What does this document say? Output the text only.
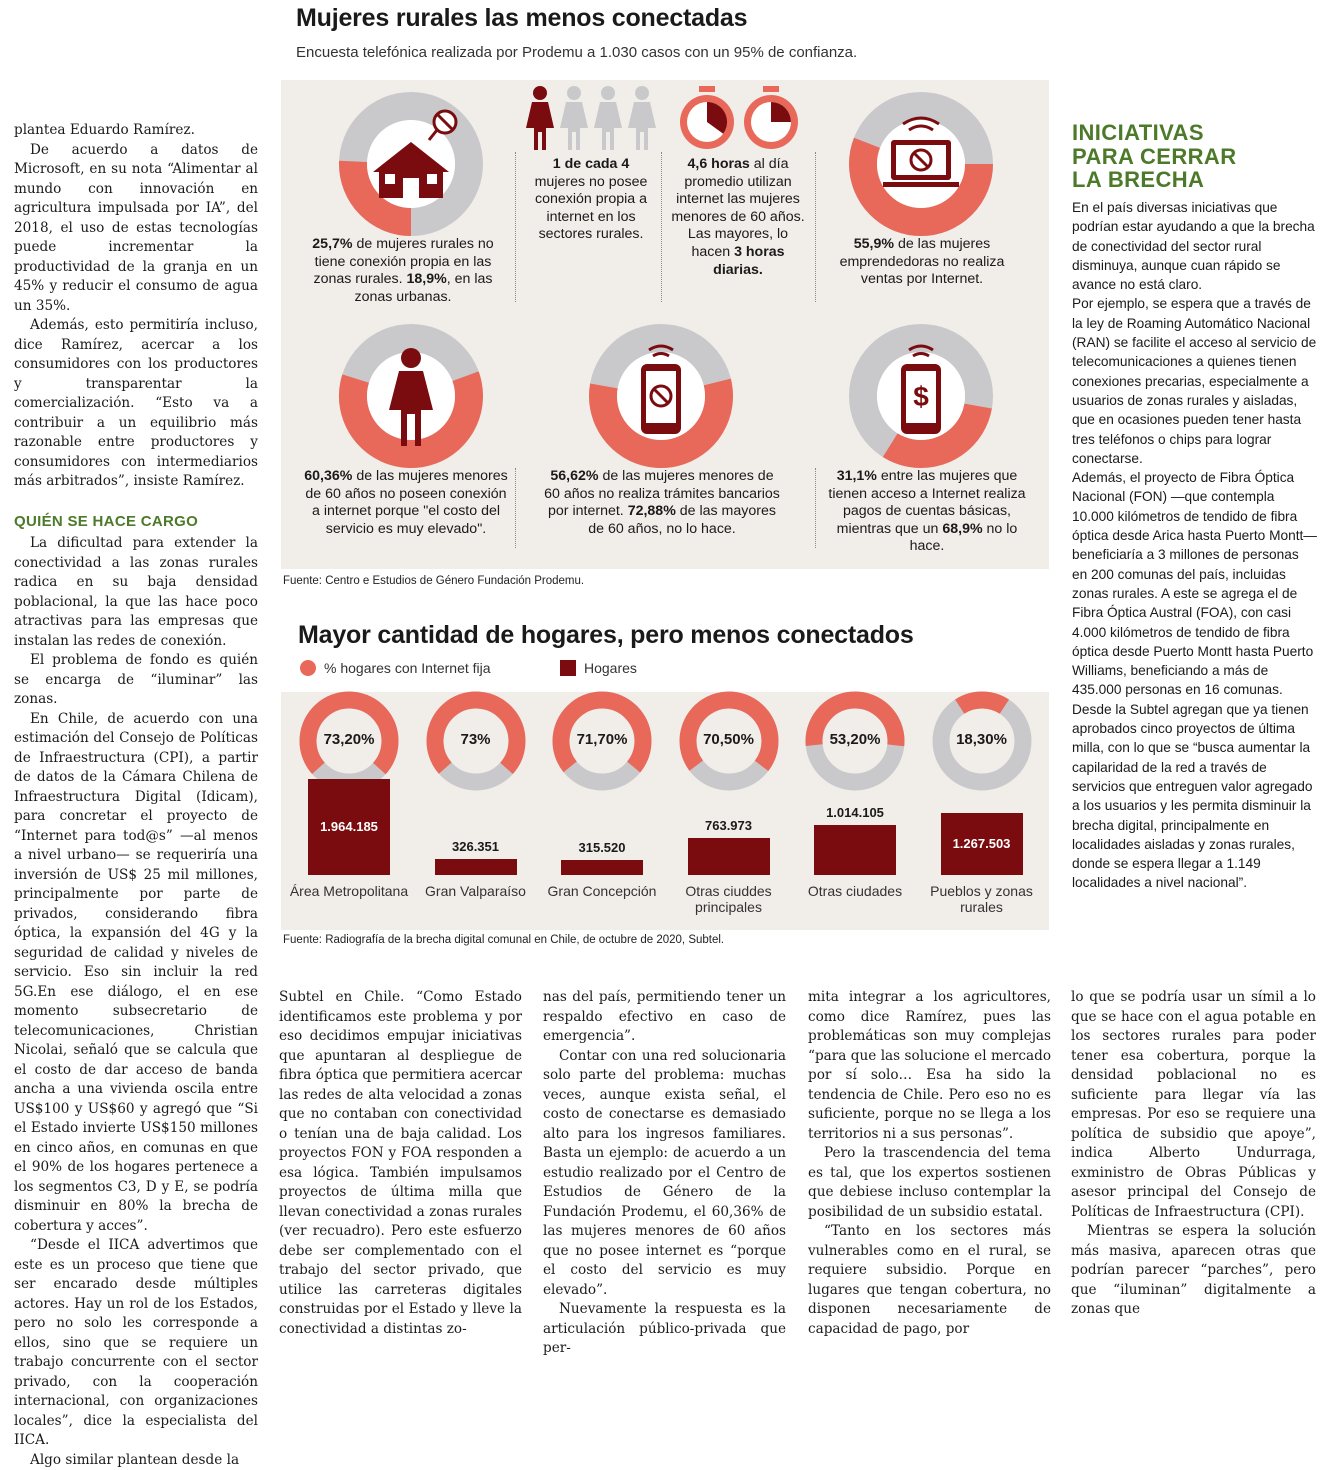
plantea Eduardo Ramírez.

De acuerdo a datos de Microsoft, en su nota “Alimentar al mundo con innovación en agricultura impulsada por IA”, del 2018, el uso de estas tecnologías puede incrementar la productividad de la granja en un 45% y reducir el consumo de agua un 35%.

Además, esto permitiría incluso, dice Ramírez, acercar a los consumidores con los productores y transparentar la comercialización. “Esto va a contribuir a un equilibrio más razonable entre productores y consumidores con intermediarios más arbitrados”, insiste Ramírez.

QUIÉN SE HACE CARGO

La dificultad para extender la conectividad a las zonas rurales radica en su baja densidad poblacional, la que las hace poco atractivas para las empresas que instalan las redes de conexión.

El problema de fondo es quién se encarga de “iluminar” las zonas.

En Chile, de acuerdo con una estimación del Consejo de Políticas de Infraestructura (CPI), a partir de datos de la Cámara Chilena de Infraestructura Digital (Idicam), para concretar el proyecto de “Internet para tod@s” —al menos a nivel urbano— se requeriría una inversión de US$ 25 mil millones, principalmente por parte de privados, considerando fibra óptica, la expansión del 4G y la seguridad de calidad y niveles de servicio. Eso sin incluir la red 5G.En ese diálogo, el en ese momento subsecretario de telecomunicaciones, Christian Nicolai, señaló que se calcula que el costo de dar acceso de banda ancha a una vivienda oscila entre US$100 y US$60 y agregó que “Si el Estado invierte US$150 millones en cinco años, en comunas en que el 90% de los hogares pertenece a los segmentos C3, D y E, se podría disminuir en 80% la brecha de cobertura y acces”.

“Desde el IICA advertimos que este es un proceso que tiene que ser encarado desde múltiples actores. Hay un rol de los Estados, pero no solo les corresponde a ellos, sino que se requiere un trabajo concurrente con el sector privado, con la cooperación internacional, con organizaciones locales”, dice la especialista del IICA.

Algo similar plantean desde la

Mujeres rurales las menos conectadas
Encuesta telefónica realizada por Prodemu a 1.030 casos con un 95% de confianza.
$
25,7% de mujeres rurales no tiene conexión propia en las zonas rurales. 18,9%, en las zonas urbanas.
1 de cada 4 mujeres no posee conexión propia a internet en los sectores rurales.
4,6 horas al día promedio utilizan internet las mujeres menores de 60 años. Las mayores, lo hacen 3 horas diarias.
55,9% de las mujeres emprendedoras no realiza ventas por Internet.
60,36% de las mujeres menores de 60 años no poseen conexión a internet porque "el costo del servicio es muy elevado".
56,62% de las mujeres menores de 60 años no realiza trámites bancarios por internet. 72,88% de las mayores de 60 años, no lo hace.
31,1% entre las mujeres que tienen acceso a Internet realiza pagos de cuentas básicas, mientras que un 68,9% no lo hace.
Fuente: Centro e Estudios de Género Fundación Prodemu.
Mayor cantidad de hogares, pero menos conectados
% hogares con Internet fija	Hogares
73,20%
1.964.185
Área Metropolitana
73%
326.351
Gran Valparaíso
71,70%
315.520
Gran Concepción
70,50%
763.973
Otras ciuddes principales
53,20%
1.014.105
Otras ciudades
18,30%
1.267.503
Pueblos y zonas rurales
Fuente: Radiografía de la brecha digital comunal en Chile, de octubre de 2020, Subtel.
INICIATIVAS
PARA CERRAR
LA BRECHA

En el país diversas iniciativas que podrían estar ayudando a que la brecha de conectividad del sector rural disminuya, aunque cuan rápido se avance no está claro.

Por ejemplo, se espera que a través de la ley de Roaming Automático Nacional (RAN) se facilite el acceso al servicio de telecomunicaciones a quienes tienen conexiones precarias, especialmente a usuarios de zonas rurales y aisladas, que en ocasiones pueden tener hasta tres teléfonos o chips para lograr conectarse.

Además, el proyecto de Fibra Óptica Nacional (FON) —que contempla 10.000 kilómetros de tendido de fibra óptica desde Arica hasta Puerto Montt— beneficiaría a 3 millones de personas en 200 comunas del país, incluidas zonas rurales. A este se agrega el de Fibra Óptica Austral (FOA), con casi 4.000 kilómetros de tendido de fibra óptica desde Puerto Montt hasta Puerto Williams, beneficiando a más de 435.000 personas en 16 comunas.

Desde la Subtel agregan que ya tienen aprobados cinco proyectos de última milla, con lo que se “busca aumentar la capilaridad de la red a través de servicios que entreguen valor agregado a los usuarios y les permita disminuir la brecha digital, principalmente en localidades aisladas y zonas rurales, donde se espera llegar a 1.149 localidades a nivel nacional”.

Subtel en Chile. “Como Estado identificamos este problema y por eso decidimos empujar iniciativas que apuntaran al despliegue de fibra óptica que permitiera acercar las redes de alta velocidad a zonas que no contaban con conectividad o tenían una de baja calidad. Los proyectos FON y FOA responden a esa lógica. También impulsamos proyectos de última milla que llevan conectividad a zonas rurales (ver recuadro). Pero este esfuerzo debe ser complementado con el trabajo del sector privado, que utilice las carreteras digitales construidas por el Estado y lleve la conectividad a distintas zo-

nas del país, permitiendo tener un respaldo efectivo en caso de emergencia”.

Contar con una red solucionaria solo parte del problema: muchas veces, aunque exista señal, el costo de conectarse es demasiado alto para los ingresos familiares. Basta un ejemplo: de acuerdo a un estudio realizado por el Centro de Estudios de Género de la Fundación Prodemu, el 60,36% de las mujeres menores de 60 años que no posee internet es “porque el costo del servicio es muy elevado”.

Nuevamente la respuesta es la articulación público-privada que per-

mita integrar a los agricultores, como dice Ramírez, pues las problemáticas son muy complejas “para que las solucione el mercado por sí solo… Esa ha sido la tendencia de Chile. Pero eso no es suficiente, porque no se llega a los territorios ni a sus personas”.

Pero la trascendencia del tema es tal, que los expertos sostienen que debiese incluso contemplar la posibilidad de un subsidio estatal.

“Tanto en los sectores más vulnerables como en el rural, se requiere subsidio. Porque en lugares que tengan cobertura, no disponen necesariamente de capacidad de pago, por

lo que se podría usar un símil a lo que se hace con el agua potable en los sectores rurales para poder tener esa cobertura, porque la densidad poblacional no es suficiente para llegar vía las empresas. Por eso se requiere una política de subsidio que apoye”, indica Alberto Undurraga, exministro de Obras Públicas y asesor principal del Consejo de Políticas de Infraestructura (CPI).

Mientras se espera la solución más masiva, aparecen otras que podrían parecer “parches”, pero que “iluminan” digitalmente a zonas que
